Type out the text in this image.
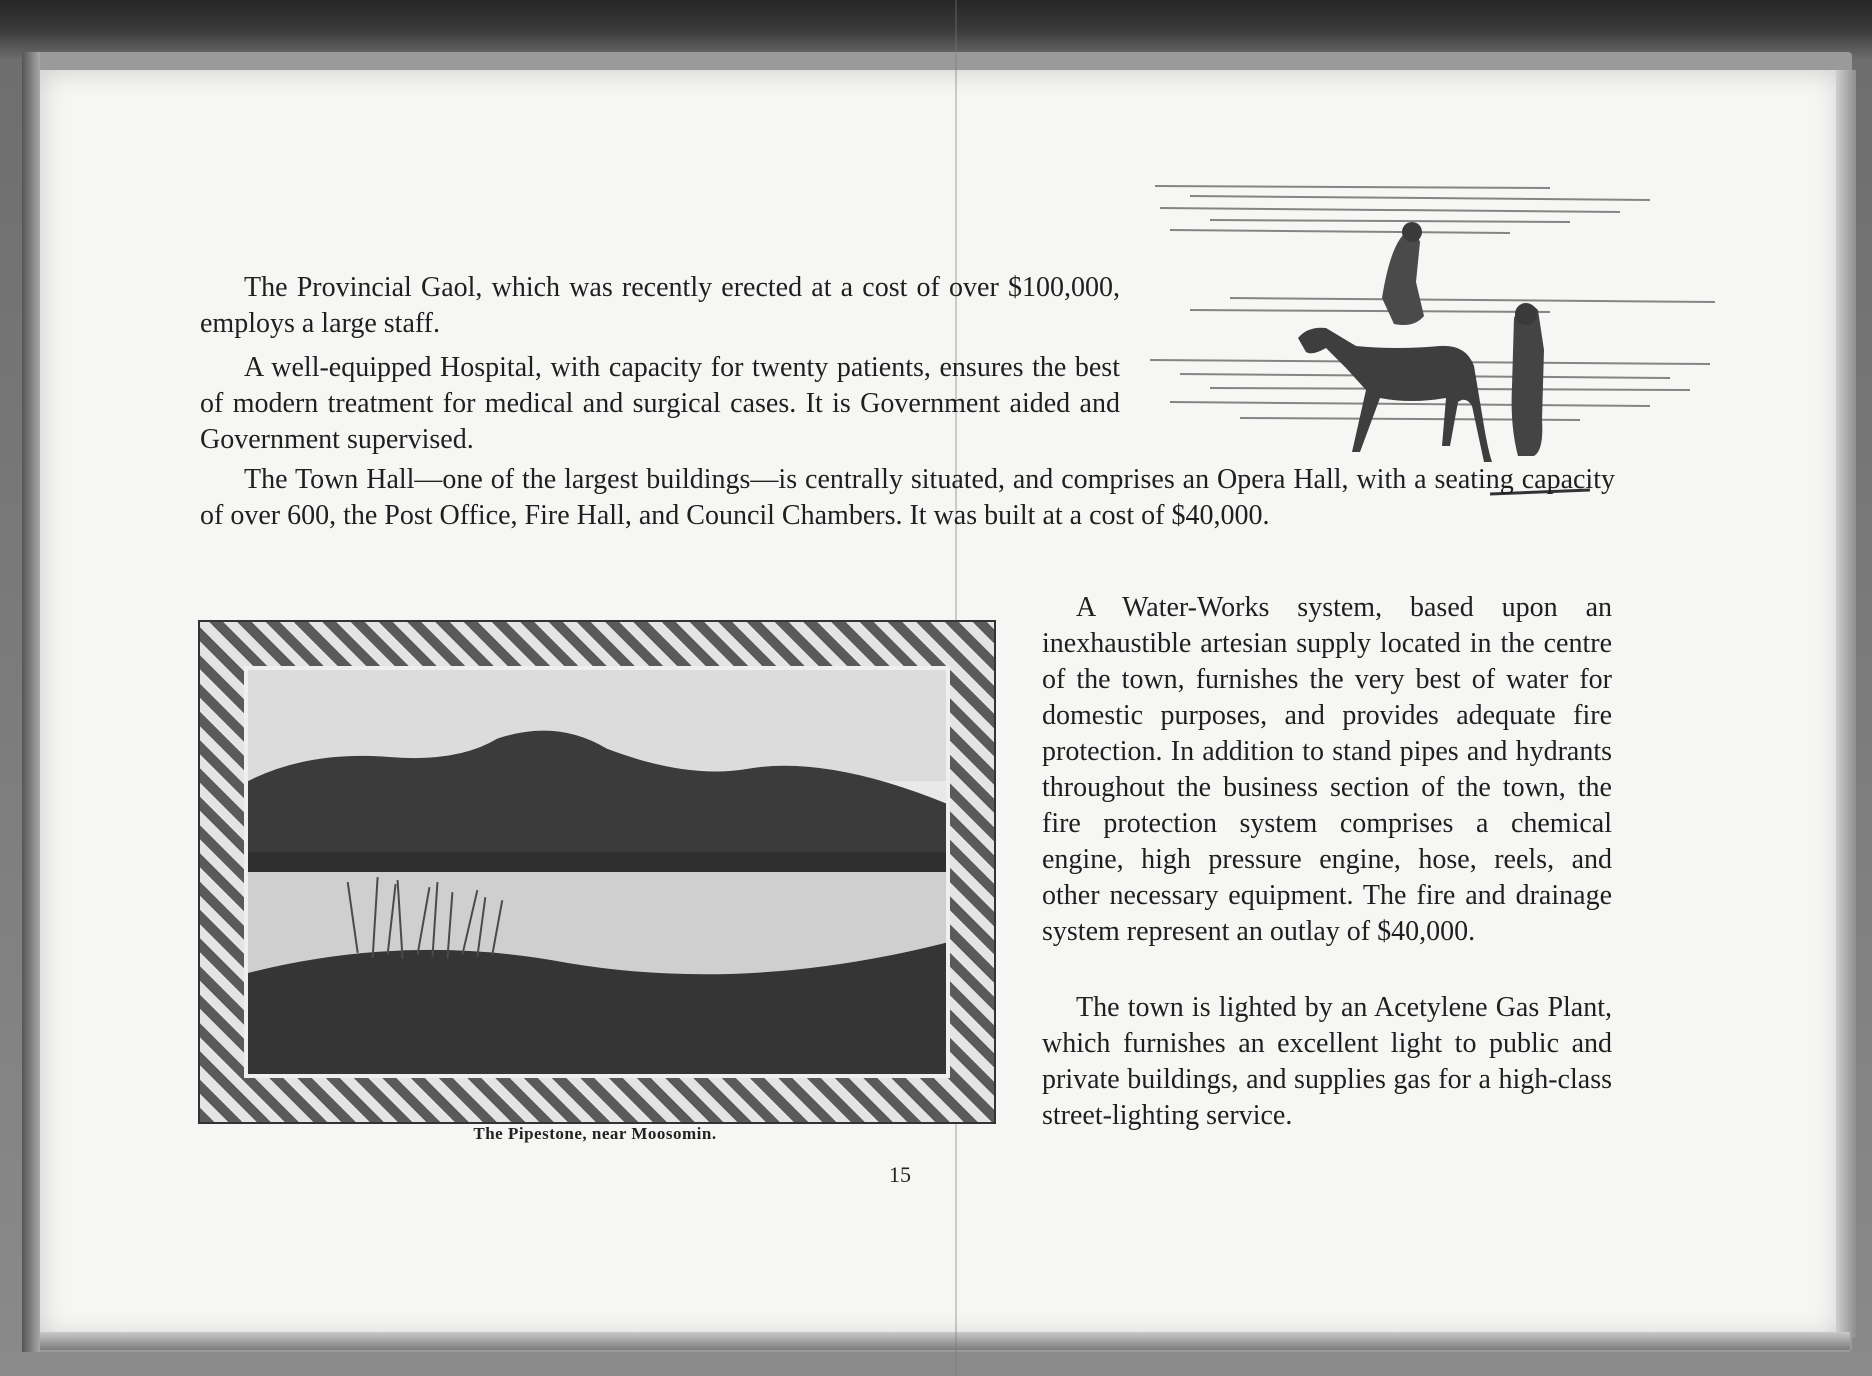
The Provincial Gaol, which was recently erected at a cost of over $100,000, employs a large staff.

A well-equipped Hospital, with capacity for twenty patients, ensures the best of modern treatment for medical and surgical cases. It is Government aided and Government supervised.

The Town Hall—one of the largest buildings—is centrally situated, and comprises an Opera Hall, with a seating capacity of over 600, the Post Office, Fire Hall, and Council Chambers. It was built at a cost of $40,000.

A Water-Works system, based upon an inexhaustible artesian supply located in the centre of the town, furnishes the very best of water for domestic purposes, and provides adequate fire protection. In addition to stand pipes and hydrants throughout the business section of the town, the fire protection system comprises a chemical engine, high pressure engine, hose, reels, and other necessary equipment. The fire and drainage system represent an outlay of $40,000.

The town is lighted by an Acetylene Gas Plant, which furnishes an excellent light to public and private buildings, and supplies gas for a high-class street-lighting service.

The Pipestone, near Moosomin.
15
